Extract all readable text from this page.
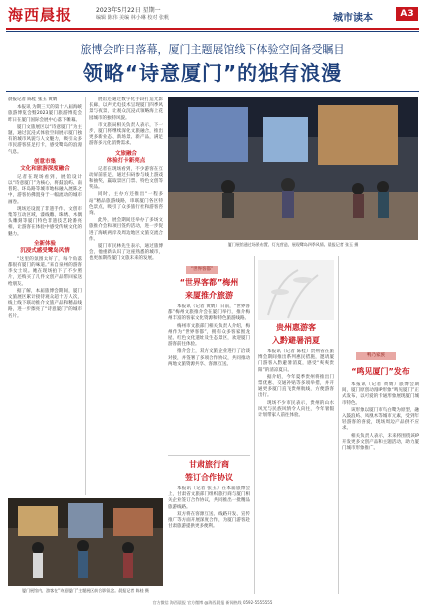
海西晨报	2023年5月22日 星期一
编辑 陈伟 美编 林小琳 校对 张帆	城市读本	A3
旅博会昨日落幕，厦门主题展馆线下体验空间备受瞩目
领略“诗意厦门”的独有浪漫
晨报记者 陈桂 张玉 黄婧

本报讯 为期三天的第十八届海峡旅游博览会暨2023厦门旅游博览会昨日在厦门国际会展中心落下帷幕。

厦门文旅展区以“诗意厦门”为主题，通过沉浸式体验空间展示厦门独有的城市风貌与人文魅力，吸引众多市民游客驻足打卡，感受鹭岛的浪漫气息。

创意市集
文化和旅游深度融合

记者在现场看到，展馆设计以“诗意厦门”为核心，将鼓浪屿、南普陀、环岛路等城市地标融入展陈之中，游客仿佛置身于一幅流动的城市画卷。

现场还设置了非遗手作、文创市集等互动区域，漆线雕、珠绣、木偶头雕刻等厦门特色非遗技艺轮番亮相，让游客在体验中感受传统文化的魅力。

全新体验
沉浸式感受鹭岛风情

“这里的氛围太好了，每个角落都很有厦门的味道。”来自泉州的游客李女士说。她在现场拍下了不少照片，还购买了几件文创产品带回家送给朋友。

据了解，本届旅博会期间，厦门文旅展区累计接待观众超十万人次，线上线下联动推介文旅产品和精品线路，进一步擦亮了“诗意厦门”的城市名片。

展馆还通过数字化手段打造光影长廊，以声光电技术呈现厦门四季风景与夜景，让观众沉浸式领略海上花园城市的独特风貌。

市文旅局相关负责人表示，下一步，厦门将继续深化文旅融合，推出更多新业态、新场景、新产品，满足游客多元化消费需求。

文旅融合
体验打卡新亮点

记者在现场看到，不少游客在互动屏前驻足，通过扫码参与线上游戏和抽奖，赢取景区门票、特色文创等奖品。

同时，主办方还推出“一程多站”精品旅游线路，串联厦门各区特色景点，吸引了众多旅行社和游客咨询。

此外，展会期间还举办了多场文旅推介会和项目签约活动，进一步促进了海峡两岸及周边地区文旅交流合作。

厦门市民林先生表示，通过旅博会，他重新认识了这座熟悉的城市，也更加期待厦门文旅未来的发展。

厦门展馆通过场景布置、灯光营造，展现鹭岛四季风情。晨报记者 张玉 摄
“世界客都”
“世界客都”梅州
来厦推介旅游

本报讯（记者 黄婧）日前，“世界客都”梅州文旅推介会在厦门举行，推介梅州丰富的客家文化资源和特色旅游线路。

梅州市文旅部门相关负责人介绍，梅州作为“世界客都”，拥有众多客家围龙屋、红色文化遗址及生态景区，欢迎厦门游客前往体验。

推介会上，双方文旅企业进行了洽谈对接，并签署了多项合作协议，共同推动两地文旅资源共享、客源互送。

甘肃旅行商
签订合作协议

本报讯（记者 张玉）在本届旅博会上，甘肃省文旅部门组织旅行商与厦门相关企业签订合作协议，共同推出一批精品旅游线路。

双方将在客源互送、线路开发、宣传推广等方面开展深度合作，为厦门游客赴甘肃旅游提供更多便利。

贵州惠游客
入黔避暑消夏

本报讯（记者 陈桂）贵州省在旅博会期间推出系列惠民措施，邀请厦门游客入黔避暑消夏，感受“爽爽贵阳”的清凉夏日。

据介绍，今年夏季贵州将推出门票优惠、交通补贴等多项举措，并开通更多厦门直飞贵州航线，方便游客出行。

现场不少市民表示，贵州的山水风光与民族风情令人向往，今年暑假计划带家人前往体验。

鸭乃家族
“鸣见厦门”发布

本报讯（记者 黄婧）旅博会期间，厦门原创动漫IP形象“鸣见厦门”正式发布，以可爱的卡通形象展现厦门城市特色。

该形象以厦门市鸟白鹭为原型，融入鼓浪屿、凤凰木等城市元素，受到年轻游客的喜爱，现场周边产品供不应求。

相关负责人表示，未来将围绕该IP开发更多文创产品和主题活动，助力厦门城市形象推广。

厦门展馆内，游客在“诗意厦门”主题展区前合影留念。晨报记者 陈桂 摄
官方微信 海西晨报 官方微博 @海西晨报 新闻热线 0592-5555555
